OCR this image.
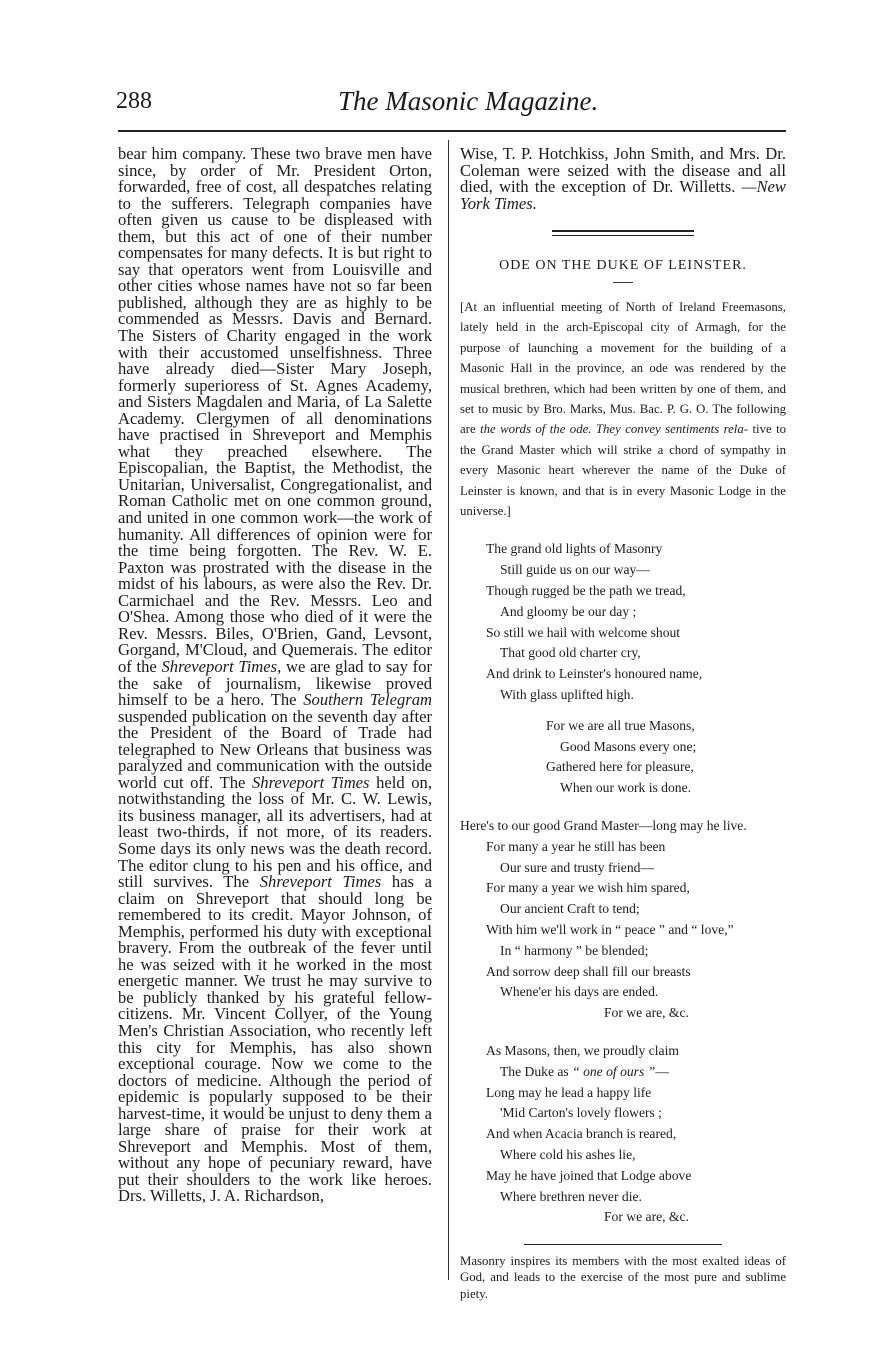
288	The Masonic Magazine.
bear him company. These two brave men have since, by order of Mr. President Orton, forwarded, free of cost, all despatches relating to the sufferers. Telegraph companies have often given us cause to be displeased with them, but this act of one of their number compensates for many defects. It is but right to say that operators went from Louisville and other cities whose names have not so far been published, although they are as highly to be commended as Messrs. Davis and Bernard. The Sisters of Charity engaged in the work with their accustomed unselfishness. Three have already died—Sister Mary Joseph, formerly superioress of St. Agnes Academy, and Sisters Magdalen and Maria, of La Salette Academy. Clergymen of all denominations have practised in Shreveport and Memphis what they preached elsewhere. The Episcopalian, the Baptist, the Methodist, the Unitarian, Universalist, Congregationalist, and Roman Catholic met on one common ground, and united in one common work—the work of humanity. All differences of opinion were for the time being forgotten. The Rev. W. E. Paxton was prostrated with the disease in the midst of his labours, as were also the Rev. Dr. Carmichael and the Rev. Messrs. Leo and O'Shea. Among those who died of it were the Rev. Messrs. Biles, O'Brien, Gand, Levsont, Gorgand, M'Cloud, and Quemerais. The editor of the Shreveport Times, we are glad to say for the sake of journalism, likewise proved himself to be a hero. The Southern Telegram suspended publication on the seventh day after the President of the Board of Trade had telegraphed to New Orleans that business was paralyzed and communication with the outside world cut off. The Shreveport Times held on, notwithstanding the loss of Mr. C. W. Lewis, its business manager, all its advertisers, had at least two-thirds, if not more, of its readers. Some days its only news was the death record. The editor clung to his pen and his office, and still survives. The Shreveport Times has a claim on Shreveport that should long be remembered to its credit. Mayor Johnson, of Memphis, performed his duty with exceptional bravery. From the outbreak of the fever until he was seized with it he worked in the most energetic manner. We trust he may survive to be publicly thanked by his grateful fellow-citizens. Mr. Vincent Collyer, of the Young Men's Christian Association, who recently left this city for Memphis, has also shown exceptional courage. Now we come to the doctors of medicine. Although the period of epidemic is popularly supposed to be their harvest-time, it would be unjust to deny them a large share of praise for their work at Shreveport and Memphis. Most of them, without any hope of pecuniary reward, have put their shoulders to the work like heroes. Drs. Willetts, J. A. Richardson,

Wise, T. P. Hotchkiss, John Smith, and Mrs. Dr. Coleman were seized with the disease and all died, with the exception of Dr. Willetts. —New York Times.

ODE ON THE DUKE OF LEINSTER.

[At an influential meeting of North of Ireland Freemasons, lately held in the arch-Episcopal city of Armagh, for the purpose of launching a movement for the building of a Masonic Hall in the province, an ode was rendered by the musical brethren, which had been written by one of them, and set to music by Bro. Marks, Mus. Bac. P. G. O. The following are the words of the ode. They convey sentiments rela- tive to the Grand Master which will strike a chord of sympathy in every Masonic heart wherever the name of the Duke of Leinster is known, and that is in every Masonic Lodge in the universe.]

The grand old lights of Masonry
Still guide us on our way—
Though rugged be the path we tread,
And gloomy be our day ;
So still we hail with welcome shout
That good old charter cry,
And drink to Leinster's honoured name,
With glass uplifted high.
For we are all true Masons,
Good Masons every one;
Gathered here for pleasure,
When our work is done.
Here's to our good Grand Master—long may he live.
For many a year he still has been
Our sure and trusty friend—
For many a year we wish him spared,
Our ancient Craft to tend;
With him we'll work in “ peace ” and “ love,”
In “ harmony ” be blended;
And sorrow deep shall fill our breasts
Whene'er his days are ended.
For we are, &c.
As Masons, then, we proudly claim
The Duke as “ one of ours ”—
Long may he lead a happy life
'Mid Carton's lovely flowers ;
And when Acacia branch is reared,
Where cold his ashes lie,
May he have joined that Lodge above
Where brethren never die.
For we are, &c.

Masonry inspires its members with the most exalted ideas of God, and leads to the exercise of the most pure and sublime piety.
